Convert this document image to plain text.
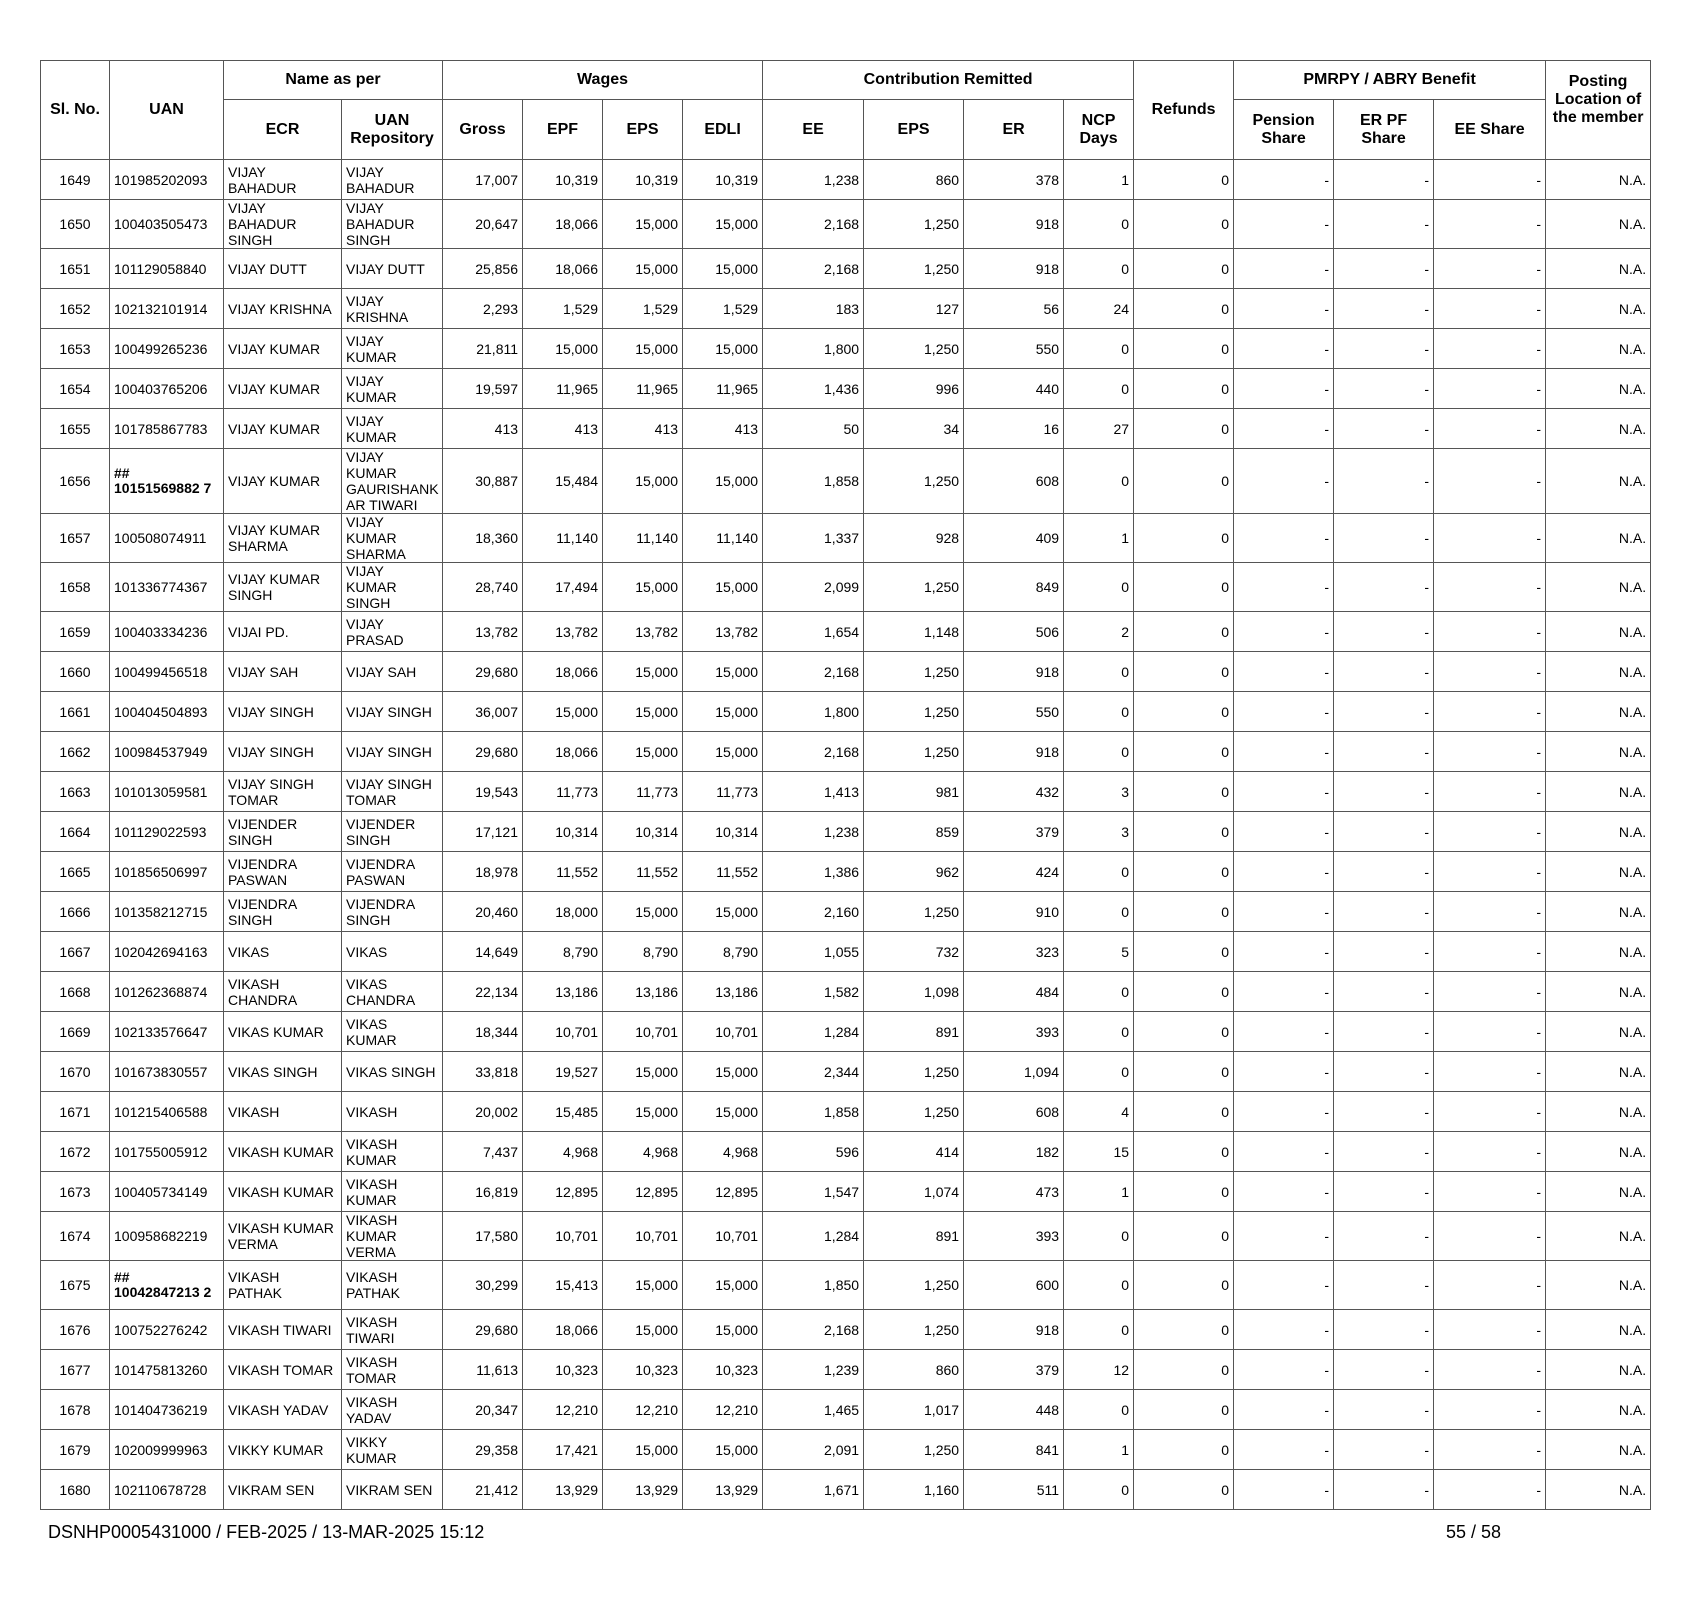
Sl. No.	UAN	Name as per		Wages				Contribution Remitted				Refunds	PMRPY / ABRY Benefit			Posting Location of the member
		ECR	UAN Repository	Gross	EPF	EPS	EDLI	EE	EPS	ER	NCP Days		Pension Share	ER PF Share	EE Share	
1649	101985202093	VIJAY BAHADUR	VIJAY BAHADUR	17,007	10,319	10,319	10,319	1,238	860	378	1	0	-	-	-	N.A.
1650	100403505473	VIJAY BAHADUR SINGH	VIJAY BAHADUR SINGH	20,647	18,066	15,000	15,000	2,168	1,250	918	0	0	-	-	-	N.A.
1651	101129058840	VIJAY DUTT	VIJAY DUTT	25,856	18,066	15,000	15,000	2,168	1,250	918	0	0	-	-	-	N.A.
1652	102132101914	VIJAY KRISHNA	VIJAY KRISHNA	2,293	1,529	1,529	1,529	183	127	56	24	0	-	-	-	N.A.
1653	100499265236	VIJAY KUMAR	VIJAY KUMAR	21,811	15,000	15,000	15,000	1,800	1,250	550	0	0	-	-	-	N.A.
1654	100403765206	VIJAY KUMAR	VIJAY KUMAR	19,597	11,965	11,965	11,965	1,436	996	440	0	0	-	-	-	N.A.
1655	101785867783	VIJAY KUMAR	VIJAY KUMAR	413	413	413	413	50	34	16	27	0	-	-	-	N.A.
1656	## 10151569882 7	VIJAY KUMAR	VIJAY KUMAR GAURISHANK AR TIWARI	30,887	15,484	15,000	15,000	1,858	1,250	608	0	0	-	-	-	N.A.
1657	100508074911	VIJAY KUMAR SHARMA	VIJAY KUMAR SHARMA	18,360	11,140	11,140	11,140	1,337	928	409	1	0	-	-	-	N.A.
1658	101336774367	VIJAY KUMAR SINGH	VIJAY KUMAR SINGH	28,740	17,494	15,000	15,000	2,099	1,250	849	0	0	-	-	-	N.A.
1659	100403334236	VIJAI PD.	VIJAY PRASAD	13,782	13,782	13,782	13,782	1,654	1,148	506	2	0	-	-	-	N.A.
1660	100499456518	VIJAY SAH	VIJAY SAH	29,680	18,066	15,000	15,000	2,168	1,250	918	0	0	-	-	-	N.A.
1661	100404504893	VIJAY SINGH	VIJAY SINGH	36,007	15,000	15,000	15,000	1,800	1,250	550	0	0	-	-	-	N.A.
1662	100984537949	VIJAY SINGH	VIJAY SINGH	29,680	18,066	15,000	15,000	2,168	1,250	918	0	0	-	-	-	N.A.
1663	101013059581	VIJAY SINGH TOMAR	VIJAY SINGH TOMAR	19,543	11,773	11,773	11,773	1,413	981	432	3	0	-	-	-	N.A.
1664	101129022593	VIJENDER SINGH	VIJENDER SINGH	17,121	10,314	10,314	10,314	1,238	859	379	3	0	-	-	-	N.A.
1665	101856506997	VIJENDRA PASWAN	VIJENDRA PASWAN	18,978	11,552	11,552	11,552	1,386	962	424	0	0	-	-	-	N.A.
1666	101358212715	VIJENDRA SINGH	VIJENDRA SINGH	20,460	18,000	15,000	15,000	2,160	1,250	910	0	0	-	-	-	N.A.
1667	102042694163	VIKAS	VIKAS	14,649	8,790	8,790	8,790	1,055	732	323	5	0	-	-	-	N.A.
1668	101262368874	VIKASH CHANDRA	VIKAS CHANDRA	22,134	13,186	13,186	13,186	1,582	1,098	484	0	0	-	-	-	N.A.
1669	102133576647	VIKAS KUMAR	VIKAS KUMAR	18,344	10,701	10,701	10,701	1,284	891	393	0	0	-	-	-	N.A.
1670	101673830557	VIKAS SINGH	VIKAS SINGH	33,818	19,527	15,000	15,000	2,344	1,250	1,094	0	0	-	-	-	N.A.
1671	101215406588	VIKASH	VIKASH	20,002	15,485	15,000	15,000	1,858	1,250	608	4	0	-	-	-	N.A.
1672	101755005912	VIKASH KUMAR	VIKASH KUMAR	7,437	4,968	4,968	4,968	596	414	182	15	0	-	-	-	N.A.
1673	100405734149	VIKASH KUMAR	VIKASH KUMAR	16,819	12,895	12,895	12,895	1,547	1,074	473	1	0	-	-	-	N.A.
1674	100958682219	VIKASH KUMAR VERMA	VIKASH KUMAR VERMA	17,580	10,701	10,701	10,701	1,284	891	393	0	0	-	-	-	N.A.
1675	## 10042847213 2	VIKASH PATHAK	VIKASH PATHAK	30,299	15,413	15,000	15,000	1,850	1,250	600	0	0	-	-	-	N.A.
1676	100752276242	VIKASH TIWARI	VIKASH TIWARI	29,680	18,066	15,000	15,000	2,168	1,250	918	0	0	-	-	-	N.A.
1677	101475813260	VIKASH TOMAR	VIKASH TOMAR	11,613	10,323	10,323	10,323	1,239	860	379	12	0	-	-	-	N.A.
1678	101404736219	VIKASH YADAV	VIKASH YADAV	20,347	12,210	12,210	12,210	1,465	1,017	448	0	0	-	-	-	N.A.
1679	102009999963	VIKKY KUMAR	VIKKY KUMAR	29,358	17,421	15,000	15,000	2,091	1,250	841	1	0	-	-	-	N.A.
1680	102110678728	VIKRAM SEN	VIKRAM SEN	21,412	13,929	13,929	13,929	1,671	1,160	511	0	0	-	-	-	N.A.
DSNHP0005431000 / FEB-2025 / 13-MAR-2025 15:12	55 / 58
